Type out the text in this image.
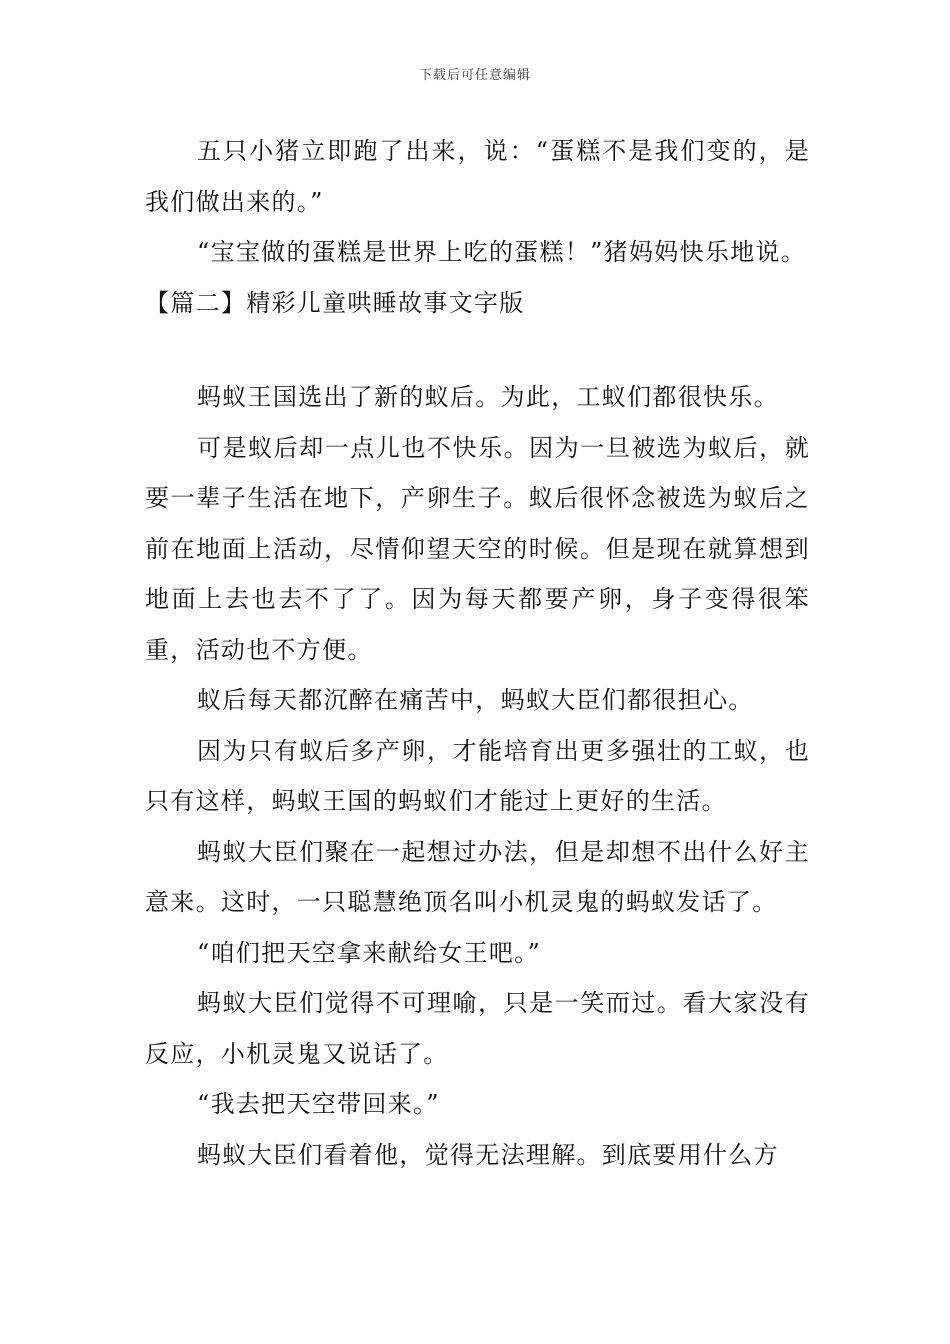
下载后可任意编辑

五只小猪立即跑了出来，说：“蛋糕不是我们变的，是我们做出来的。”

“宝宝做的蛋糕是世界上吃的蛋糕！”猪妈妈快乐地说。

【篇二】精彩儿童哄睡故事文字版

蚂蚁王国选出了新的蚁后。为此，工蚁们都很快乐。

可是蚁后却一点儿也不快乐。因为一旦被选为蚁后，就要一辈子生活在地下，产卵生子。蚁后很怀念被选为蚁后之前在地面上活动，尽情仰望天空的时候。但是现在就算想到地面上去也去不了了。因为每天都要产卵，身子变得很笨重，活动也不方便。

蚁后每天都沉醉在痛苦中，蚂蚁大臣们都很担心。

因为只有蚁后多产卵，才能培育出更多强壮的工蚁，也只有这样，蚂蚁王国的蚂蚁们才能过上更好的生活。

蚂蚁大臣们聚在一起想过办法，但是却想不出什么好主意来。这时，一只聪慧绝顶名叫小机灵鬼的蚂蚁发话了。

“咱们把天空拿来献给女王吧。”

蚂蚁大臣们觉得不可理喻，只是一笑而过。看大家没有反应，小机灵鬼又说话了。

“我去把天空带回来。”

蚂蚁大臣们看着他，觉得无法理解。到底要用什么方
